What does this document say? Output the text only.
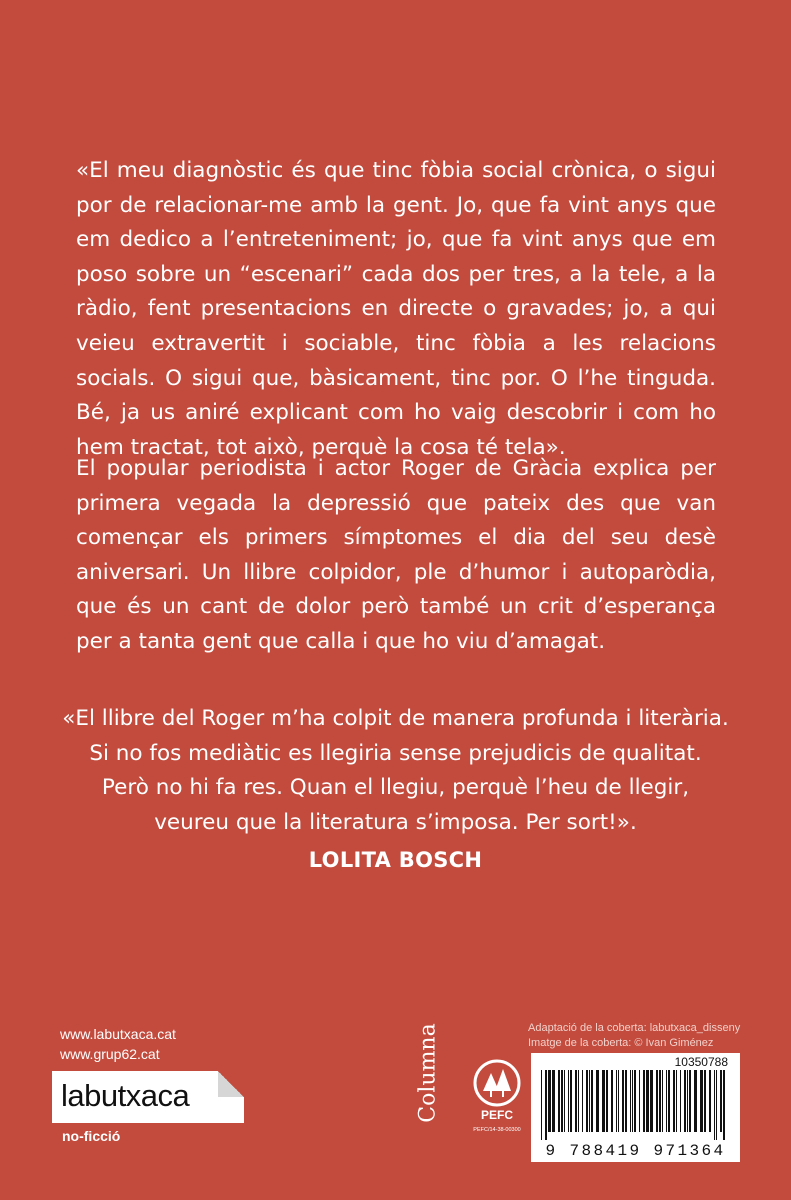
«El meu diagnòstic és que tinc fòbia social crònica, o sigui por de relacionar-me amb la gent. Jo, que fa vint anys que em dedico a l’entreteniment; jo, que fa vint anys que em poso sobre un “escenari” cada dos per tres, a la tele, a la ràdio, fent presentacions en directe o gravades; jo, a qui veieu extravertit i sociable, tinc fòbia a les relacions socials. O sigui que, bàsicament, tinc por. O l’he tinguda. Bé, ja us aniré explicant com ho vaig descobrir i com ho hem tractat, tot això, perquè la cosa té tela».

El popular periodista i actor Roger de Gràcia explica per primera vegada la depressió que pateix des que van començar els primers símptomes el dia del seu desè aniversari. Un llibre colpidor, ple d’humor i autoparòdia, que és un cant de dolor però també un crit d’esperança per a tanta gent que calla i que ho viu d’amagat.

«El llibre del Roger m’ha colpit de manera profunda i literària.
Si no fos mediàtic es llegiria sense prejudicis de qualitat.
Però no hi fa res. Quan el llegiu, perquè l’heu de llegir,
veureu que la literatura s’imposa. Per sort!».
LOLITA BOSCH
www.labutxaca.cat
www.grup62.cat
labutxaca
no-ficció
Columna	PEFC
PEFC/14-38-00300
Adaptació de la coberta: labutxaca_disseny
Imatge de la coberta: © Ivan Giménez
10350788
9 788419 971364
